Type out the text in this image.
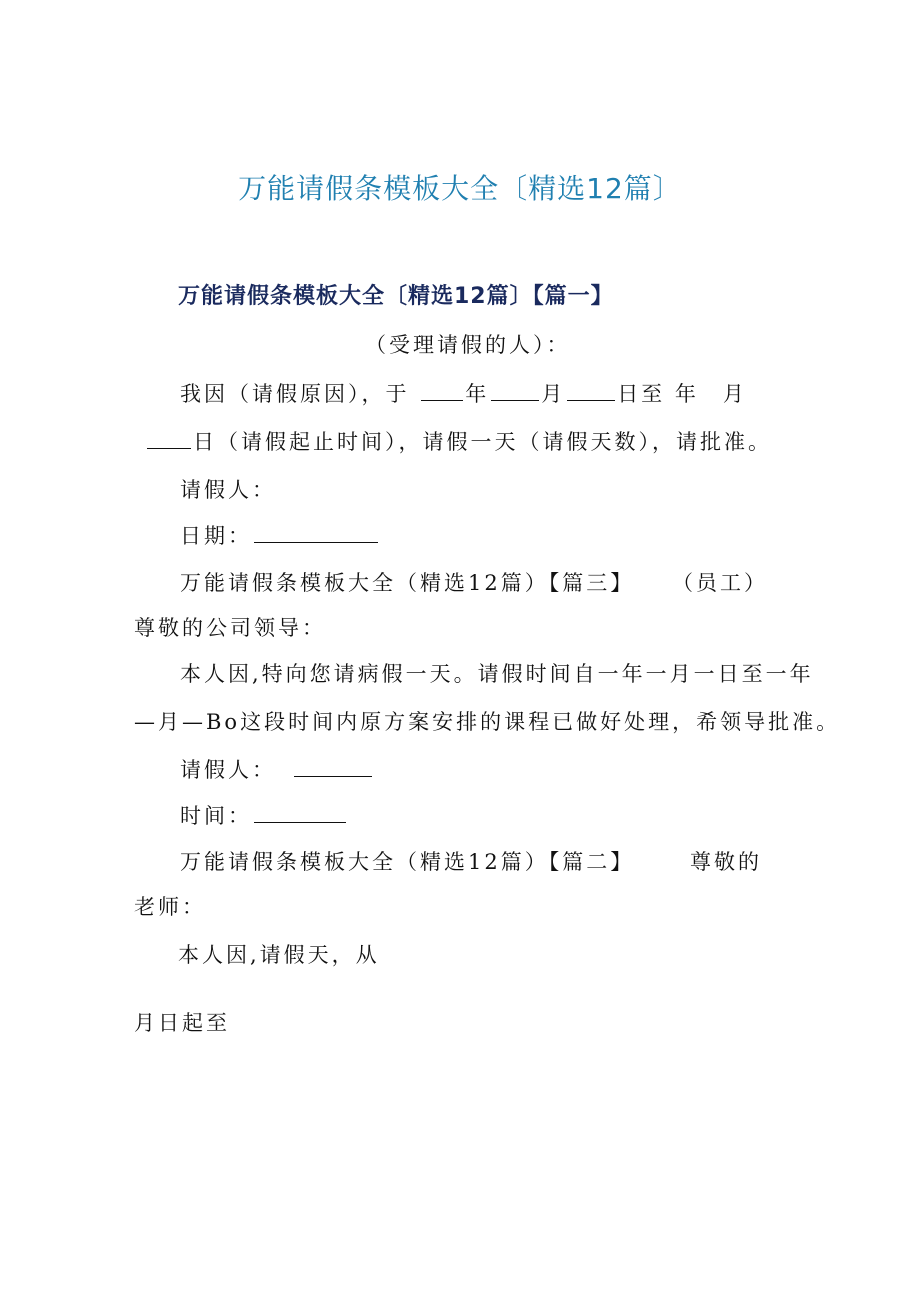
万能请假条模板大全〔精选12篇〕
万能请假条模板大全〔精选12篇〕【篇一】
（受理请假的人）：
我因（请假原因），于	年 月 日至 年 月
日（请假起止时间），请假一天（请假天数），请批准。
请假人：
日期：
万能请假条模板大全（精选12篇）【篇三】 （员工）
尊敬的公司领导：
本人因,特向您请病假一天。请假时间自一年一月一日至一年
—月—Bo这段时间内原方案安排的课程已做好处理，希领导批准。
请假人：
时间：
万能请假条模板大全（精选12篇）【篇二】	尊敬的
老师：
本人因,请假天，从
月日起至
